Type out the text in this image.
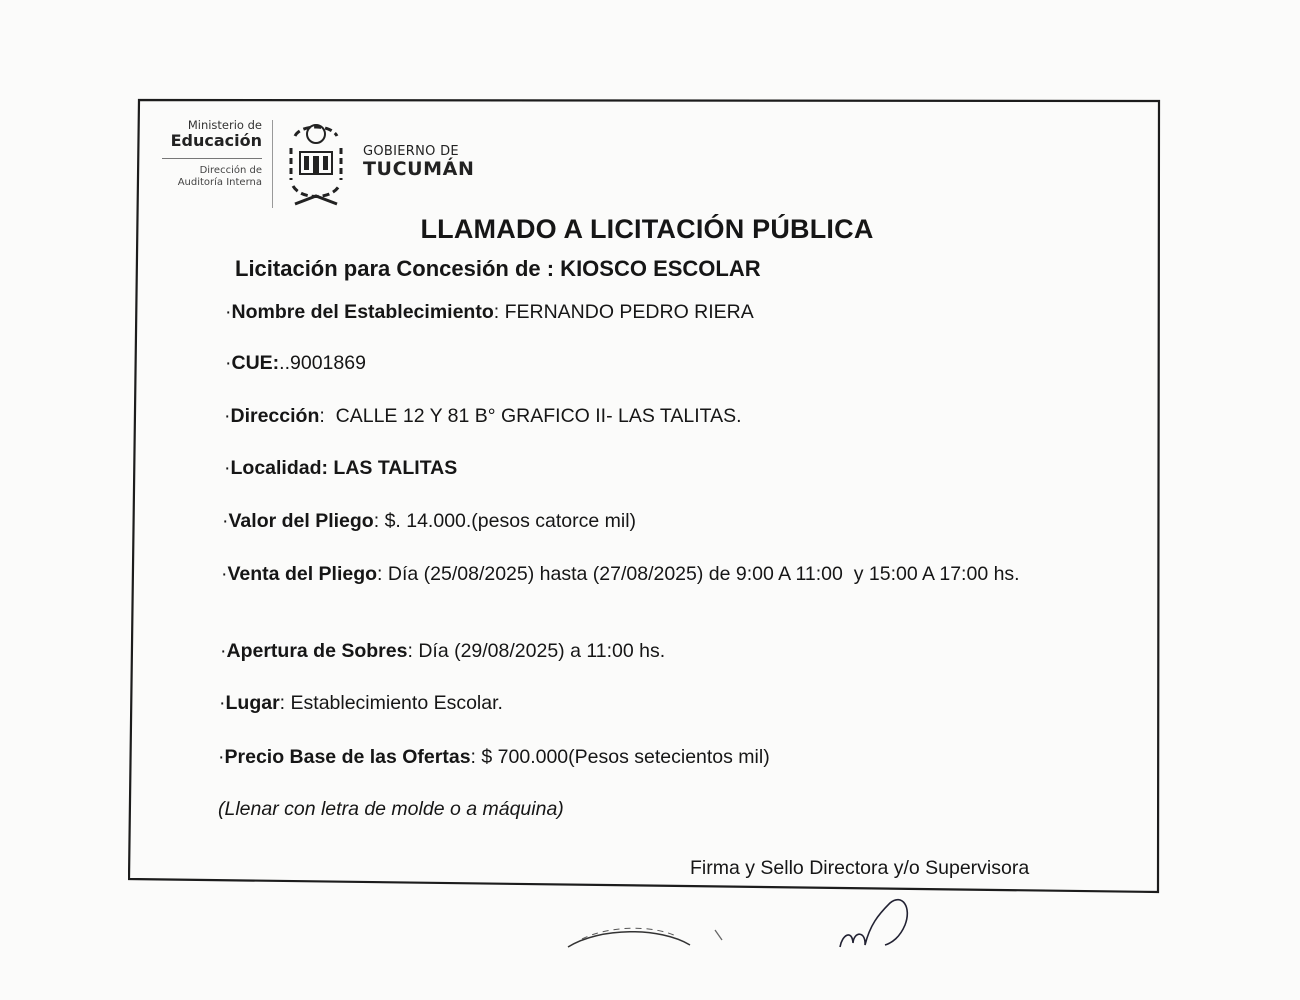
Ministerio de
Educación
Dirección de
Auditoría Interna
GOBIERNO DE
TUCUMÁN
LLAMADO A LICITACIÓN PÚBLICA
Licitación para Concesión de : KIOSCO ESCOLAR
·Nombre del Establecimiento: FERNANDO PEDRO RIERA
·CUE:..9001869
·Dirección:  CALLE 12 Y 81 B° GRAFICO II- LAS TALITAS.
·Localidad: LAS TALITAS
·Valor del Pliego: $. 14.000.(pesos catorce mil)
·Venta del Pliego: Día (25/08/2025) hasta (27/08/2025) de 9:00 A 11:00  y 15:00 A 17:00 hs.
·Apertura de Sobres: Día (29/08/2025) a 11:00 hs.
·Lugar: Establecimiento Escolar.
·Precio Base de las Ofertas: $ 700.000(Pesos setecientos mil)
(Llenar con letra de molde o a máquina)
Firma y Sello Directora y/o Supervisora
